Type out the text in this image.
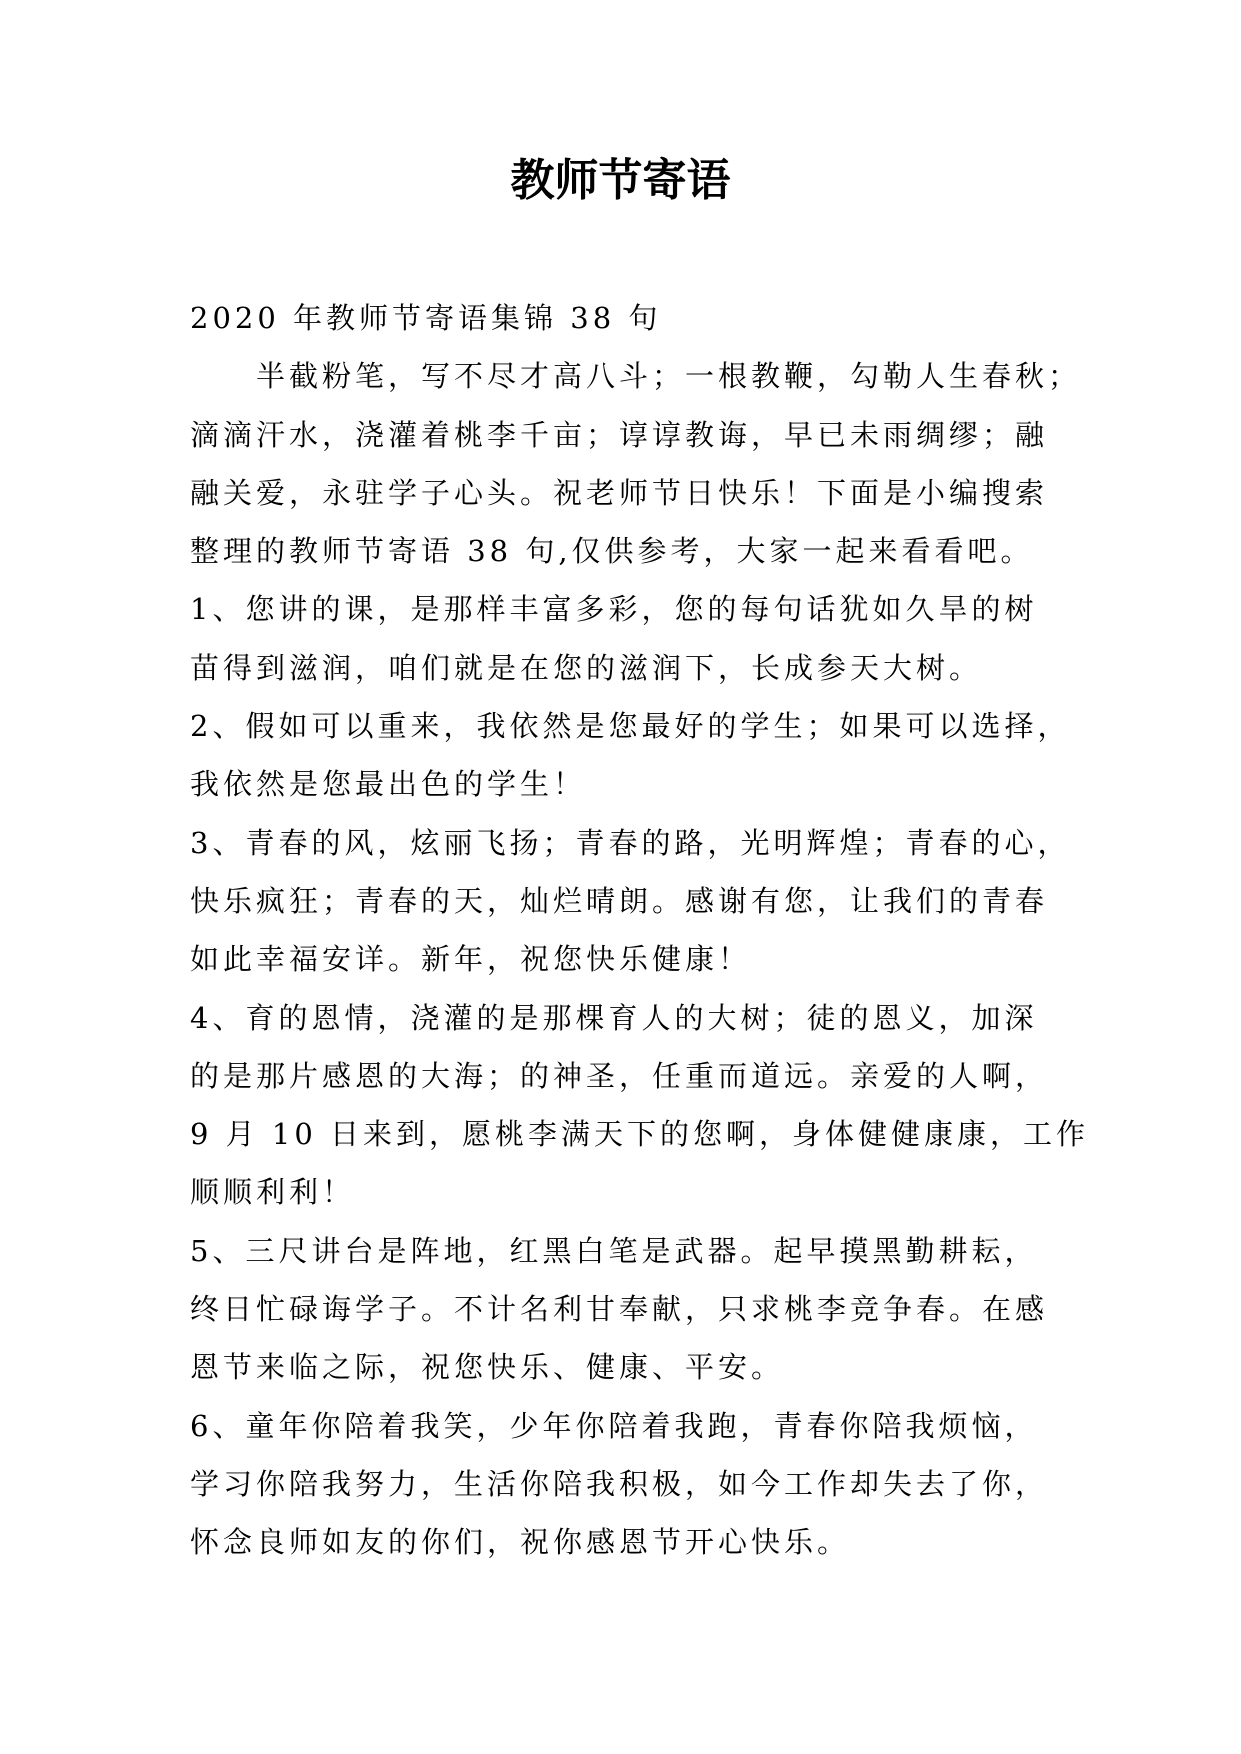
教师节寄语

2020 年教师节寄语集锦 38 句

半截粉笔，写不尽才高八斗；一根教鞭，勾勒人生春秋；

滴滴汗水，浇灌着桃李千亩；谆谆教诲，早已未雨绸缪；融

融关爱，永驻学子心头。祝老师节日快乐！下面是小编搜索

整理的教师节寄语 38 句,仅供参考，大家一起来看看吧。

1、您讲的课，是那样丰富多彩，您的每句话犹如久旱的树

苗得到滋润，咱们就是在您的滋润下，长成参天大树。

2、假如可以重来，我依然是您最好的学生；如果可以选择，

我依然是您最出色的学生！

3、青春的风，炫丽飞扬；青春的路，光明辉煌；青春的心，

快乐疯狂；青春的天，灿烂晴朗。感谢有您，让我们的青春

如此幸福安详。新年，祝您快乐健康！

4、育的恩情，浇灌的是那棵育人的大树；徒的恩义，加深

的是那片感恩的大海；的神圣，任重而道远。亲爱的人啊，

9 月 10 日来到，愿桃李满天下的您啊，身体健健康康，工作

顺顺利利！

5、三尺讲台是阵地，红黑白笔是武器。起早摸黑勤耕耘，

终日忙碌诲学子。不计名利甘奉献，只求桃李竞争春。在感

恩节来临之际，祝您快乐、健康、平安。

6、童年你陪着我笑，少年你陪着我跑，青春你陪我烦恼，

学习你陪我努力，生活你陪我积极，如今工作却失去了你，

怀念良师如友的你们，祝你感恩节开心快乐。
